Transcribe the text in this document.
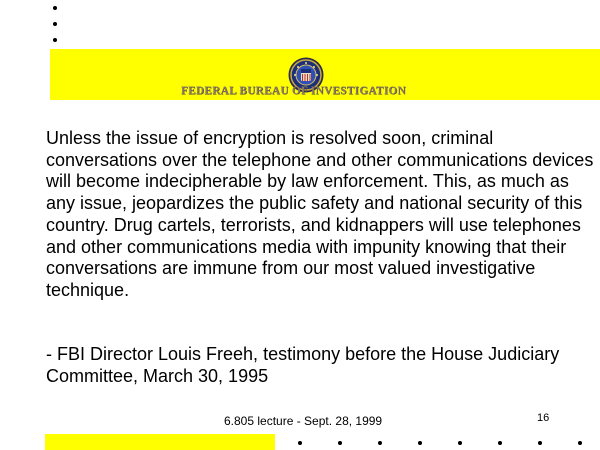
FEDERAL BUREAU OF INVESTIGATION

Unless the issue of encryption is resolved soon, criminal conversations over the telephone and other communications devices will become indecipherable by law enforcement. This, as much as any issue, jeopardizes the public safety and national security of this country. Drug cartels, terrorists, and kidnappers will use telephones and other communications media with impunity knowing that their conversations are immune from our most valued investigative technique.

- FBI Director Louis Freeh, testimony before the House Judiciary Committee, March 30, 1995

6.805 lecture - Sept. 28, 1999	16
